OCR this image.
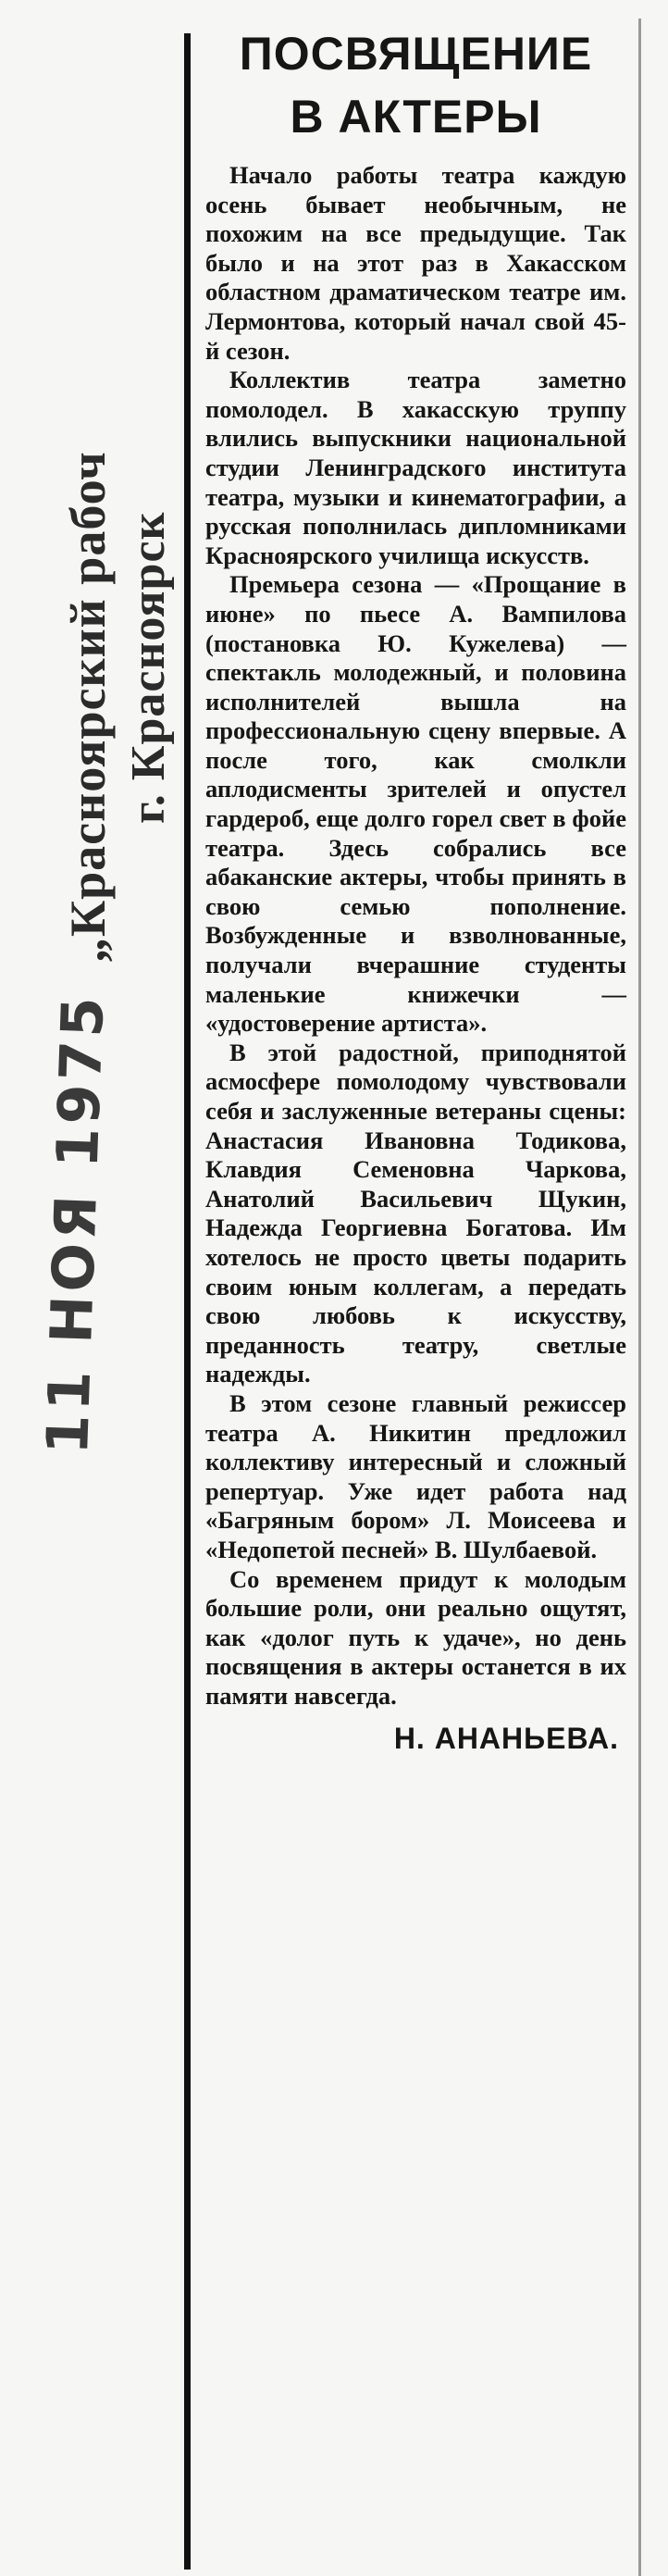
„Красноярский рабоч г. Красноярск
11 НОЯ 1975
ПОСВЯЩЕНИЕ
В АКТЕРЫ

Начало работы театра каждую осень бывает необычным, не похожим на все предыдущие. Так было и на этот раз в Хакасском областном драматическом театре им. Лермонтова, который начал свой 45-й сезон.

Коллектив театра заметно помолодел. В хакасскую труппу влились выпускники национальной студии Ленинградского института театра, музыки и кинематографии, а русская пополнилась дипломниками Красноярского училища искусств.

Премьера сезона — «Прощание в июне» по пьесе А. Вампилова (постановка Ю. Кужелева) — спектакль молодежный, и половина исполнителей вышла на профессиональную сцену впервые. А после того, как смолкли аплодисменты зрителей и опустел гардероб, еще долго горел свет в фойе театра. Здесь собрались все абаканские актеры, чтобы принять в свою семью пополнение. Возбужденные и взволнованные, получали вчерашние студенты маленькие книжечки — «удостоверение артиста».

В этой радостной, приподнятой асмосфере помолодому чувствовали себя и заслуженные ветераны сцены: Анастасия Ивановна Тодикова, Клавдия Семеновна Чаркова, Анатолий Васильевич Щукин, Надежда Георгиевна Богатова. Им хотелось не просто цветы подарить своим юным коллегам, а передать свою любовь к искусству, преданность театру, светлые надежды.

В этом сезоне главный режиссер театра А. Никитин предложил коллективу интересный и сложный репертуар. Уже идет работа над «Багряным бором» Л. Моисеева и «Недопетой песней» В. Шулбаевой.

Со временем придут к молодым большие роли, они реально ощутят, как «долог путь к удаче», но день посвящения в актеры останется в их памяти навсегда.

Н. АНАНЬЕВА.
